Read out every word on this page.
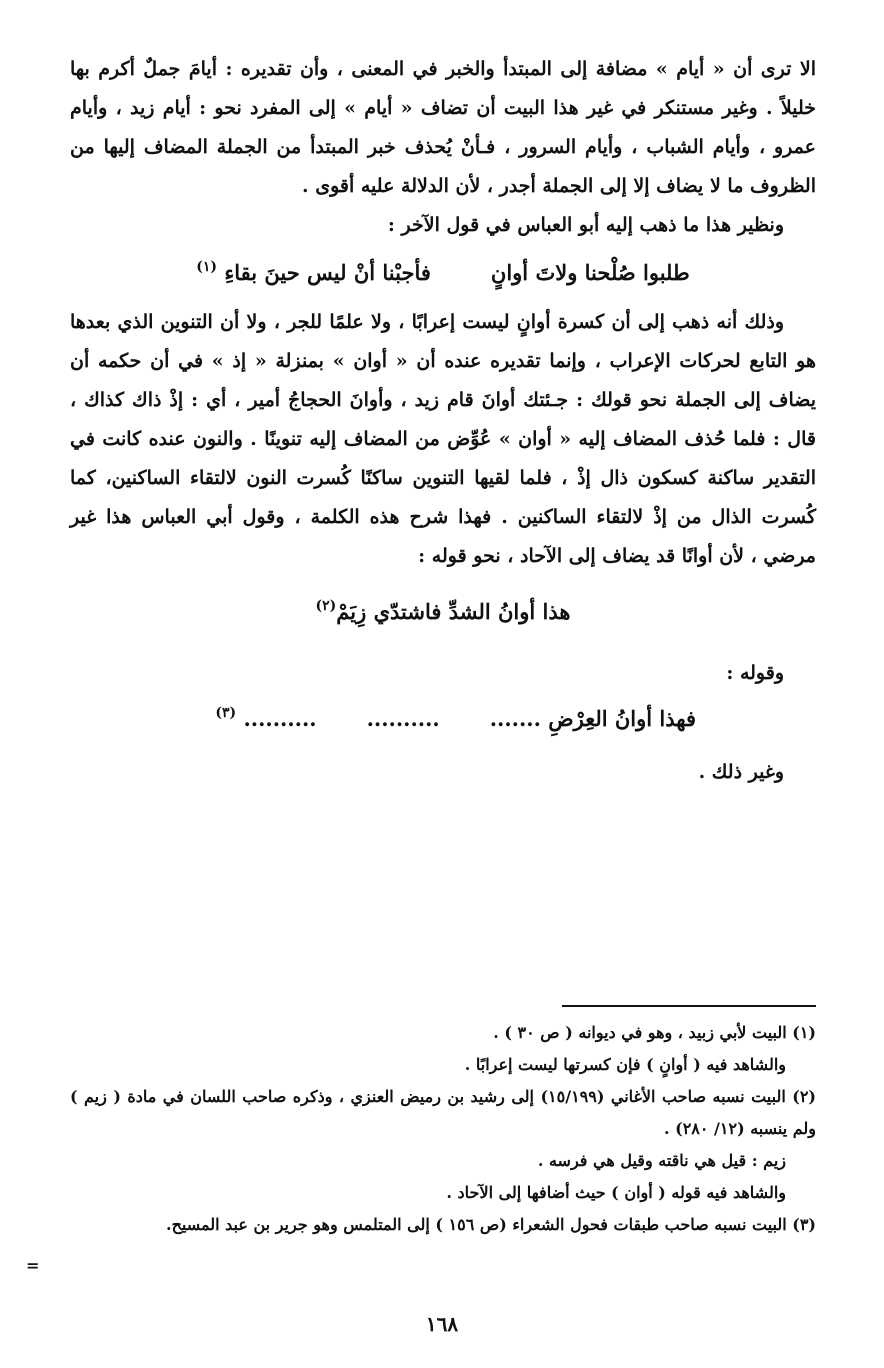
الا ترى أن « أيام » مضافة إلى المبتدأ والخبر في المعنى ، وأن تقديره : أيامَ جملٌ أكرم بها خليلاً . وغير مستنكر في غير هذا البيت أن تضاف « أيام » إلى المفرد نحو : أيام زيد ، وأيام عمرو ، وأيام الشباب ، وأيام السرور ، فـأنْ يُحذف خبر المبتدأ من الجملة المضاف إليها من الظروف ما لا يضاف إلا إلى الجملة أجدر ، لأن الدلالة عليه أقوى .

ونظير هذا ما ذهب إليه أبو العباس في قول الآخر :

طلبوا صُلْحنا ولاتَ أوانٍ
فأجبْنا أنْ ليس حينَ بقاءِ $^{(١)}$

وذلك أنه ذهب إلى أن كسرة أوانٍ ليست إعرابًا ، ولا علمًا للجر ، ولا أن التنوين الذي بعدها هو التابع لحركات الإعراب ، وإنما تقديره عنده أن « أوان » بمنزلة « إذ » في أن حكمه أن يضاف إلى الجملة نحو قولك : جـئتك أوانَ قام زيد ، وأوانَ الحجاجُ أمير ، أي : إذْ ذاك كذاك ، قال : فلما حُذف المضاف إليه « أوان » عُوِّض من المضاف إليه تنوينًا . والنون عنده كانت في التقدير ساكنة كسكون ذال إذْ ، فلما لقيها التنوين ساكنًا كُسرت النون لالتقاء الساكنين، كما كُسرت الذال من إذْ لالتقاء الساكنين . فهذا شرح هذه الكلمة ، وقول أبي العباس هذا غير مرضي ، لأن أوانًا قد يضاف إلى الآحاد ، نحو قوله :

هذا أوانُ الشدِّ فاشتدّي زِيَمْ
$^{(٢)}$

وقوله :

فهذا أوانُ العِرْضِ .......
..........
.......... $^{(٣)}$

وغير ذلك .

(١) البيت لأبي زبيد ، وهو في ديوانه ( ص ٣٠ ) .

والشاهد فيه ( أوانٍ ) فإن كسرتها ليست إعرابًا .

(٢) البيت نسبه صاحب الأغاني (١٥/١٩٩) إلى رشيد بن رميض العنزي ، وذكره صاحب اللسان في مادة ( زيم ) ولم ينسبه (١٢/ ٢٨٠) .

زيم : قيل هي ناقته وقيل هي فرسه .

والشاهد فيه قوله ( أوان ) حيث أضافها إلى الآحاد .

(٣) البيت نسبه صاحب طبقات فحول الشعراء (ص ١٥٦ ) إلى المتلمس وهو جرير بن عبد المسيح.

=
١٦٨
